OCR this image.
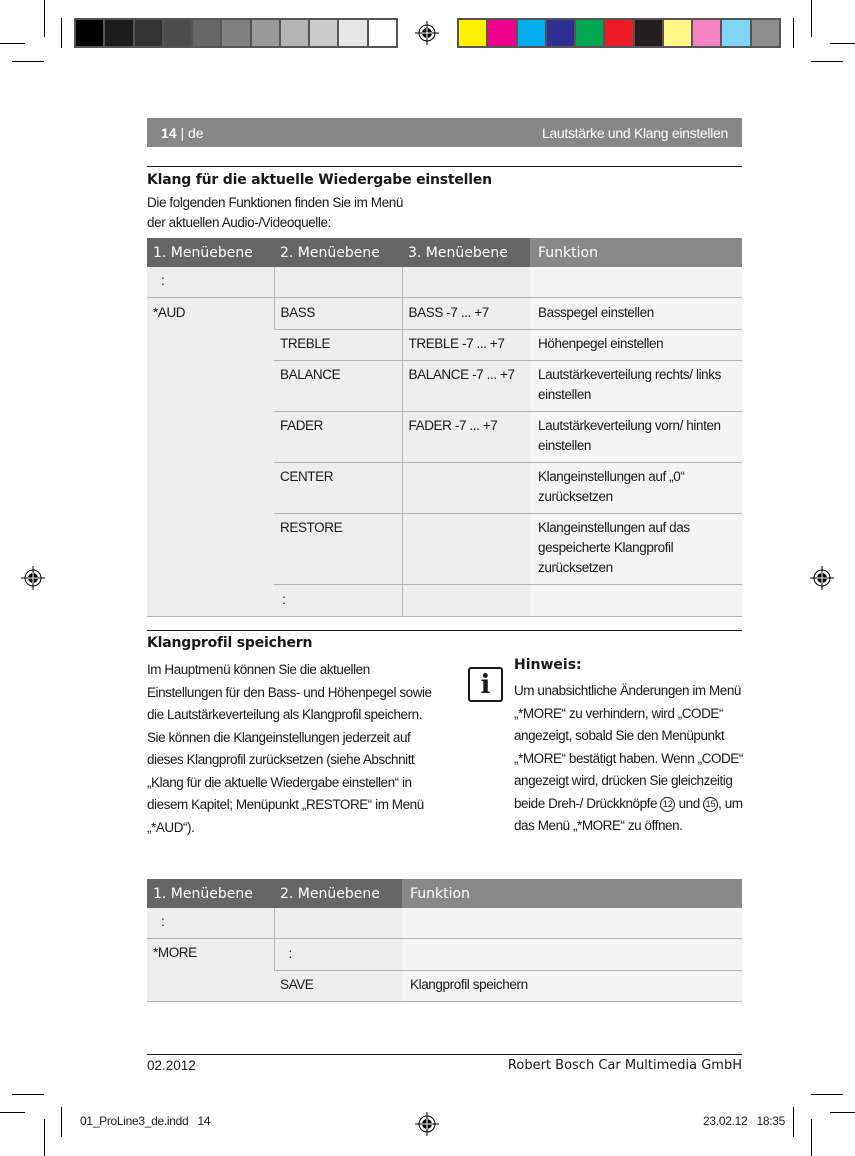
14 | de	Lautstärke und Klang einstellen
Klang für die aktuelle Wiedergabe einstellen
Die folgenden Funktionen finden Sie im Menü
der aktuellen Audio-/Videoquelle:
1. Menüebene	2. Menüebene	3. Menüebene	Funktion
:			
*AUD	BASS	BASS -7 ... +7	Basspegel einstellen
	TREBLE	TREBLE -7 ... +7	Höhenpegel einstellen
	BALANCE	BALANCE -7 ... +7	Lautstärkeverteilung rechts/ links einstellen
	FADER	FADER -7 ... +7	Lautstärkeverteilung vorn/ hinten einstellen
	CENTER		Klangeinstellungen auf „0“ zurücksetzen
	RESTORE		Klangeinstellungen auf das gespeicherte Klangprofil zurücksetzen
	:		
Klangprofil speichern
Im Hauptmenü können Sie die aktuellen Einstellungen für den Bass- und Höhenpegel sowie die Lautstärkeverteilung als Klangprofil speichern. Sie können die Klangeinstellungen jederzeit auf dieses Klangprofil zurücksetzen (siehe Abschnitt „Klang für die aktuelle Wiedergabe einstellen“ in diesem Kapitel; Menüpunkt „RESTORE“ im Menü „*AUD“).
i
Hinweis:
Um unabsichtliche Änderungen im Menü „*MORE“ zu verhindern, wird „CODE“ angezeigt, sobald Sie den Menüpunkt „*MORE“ bestätigt haben. Wenn „CODE“ angezeigt wird, drücken Sie gleichzeitig beide Dreh-/ Drückknöpfe 12 und 15 , um das Menü „*MORE“ zu öffnen.
1. Menüebene	2. Menüebene	Funktion
:		
*MORE	:	
	SAVE	Klangprofil speichern
02.2012	Robert Bosch Car Multimedia GmbH
01_ProLine3_de.indd   14	23.02.12   18:35
